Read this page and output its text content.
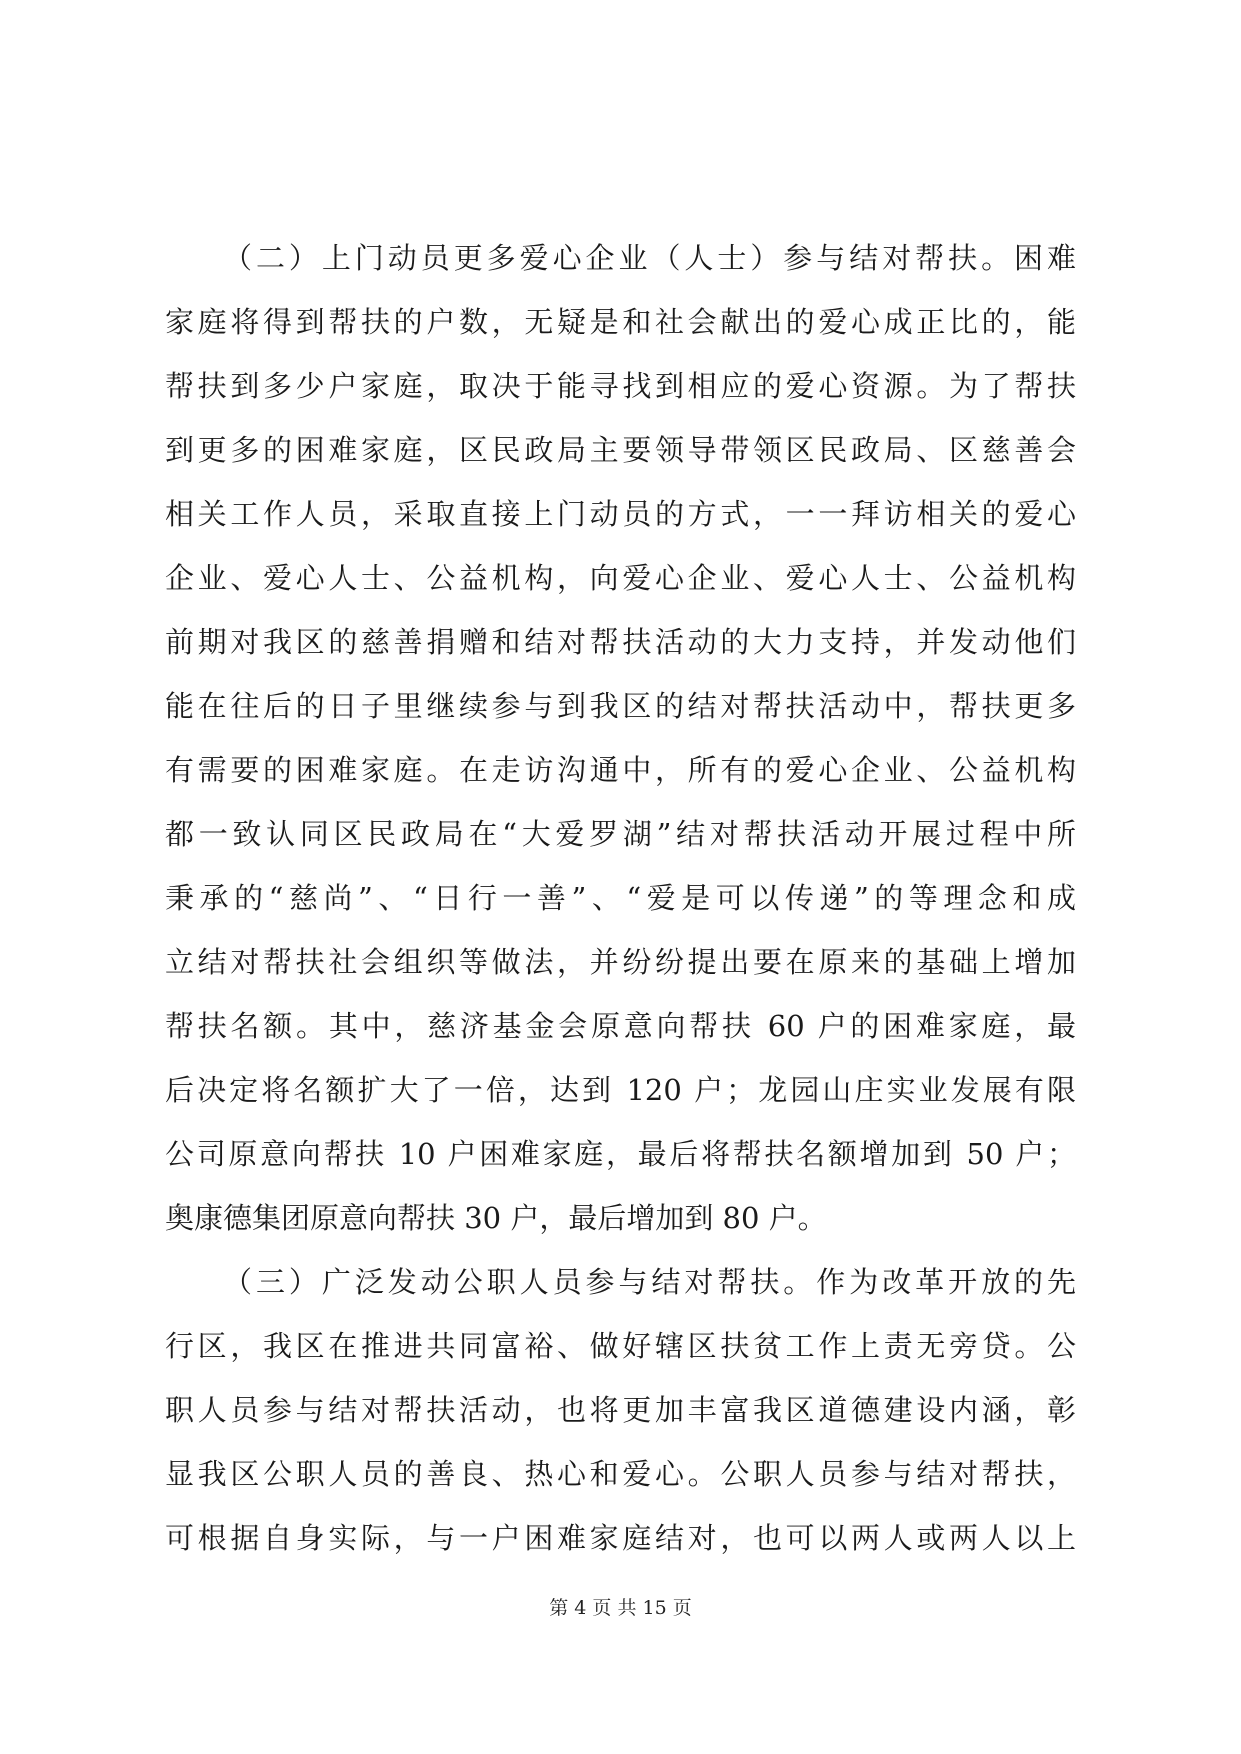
（二）上门动员更多爱心企业（人士）参与结对帮扶。困难
家庭将得到帮扶的户数，无疑是和社会献出的爱心成正比的，能
帮扶到多少户家庭，取决于能寻找到相应的爱心资源。为了帮扶
到更多的困难家庭，区民政局主要领导带领区民政局、区慈善会
相关工作人员，采取直接上门动员的方式，一一拜访相关的爱心
企业、爱心人士、公益机构，向爱心企业、爱心人士、公益机构
前期对我区的慈善捐赠和结对帮扶活动的大力支持，并发动他们
能在往后的日子里继续参与到我区的结对帮扶活动中，帮扶更多
有需要的困难家庭。在走访沟通中，所有的爱心企业、公益机构
都一致认同区民政局在“大爱罗湖”结对帮扶活动开展过程中所
秉承的“慈尚”、“日行一善”、“爱是可以传递”的等理念和成
立结对帮扶社会组织等做法，并纷纷提出要在原来的基础上增加
帮扶名额。其中，慈济基金会原意向帮扶 60 户的困难家庭，最
后决定将名额扩大了一倍，达到 120 户；龙园山庄实业发展有限
公司原意向帮扶 10 户困难家庭，最后将帮扶名额增加到 50 户；
奥康德集团原意向帮扶 30 户，最后增加到 80 户。
（三）广泛发动公职人员参与结对帮扶。作为改革开放的先
行区，我区在推进共同富裕、做好辖区扶贫工作上责无旁贷。公
职人员参与结对帮扶活动，也将更加丰富我区道德建设内涵，彰
显我区公职人员的善良、热心和爱心。公职人员参与结对帮扶，
可根据自身实际，与一户困难家庭结对，也可以两人或两人以上
第 4 页 共 15 页
